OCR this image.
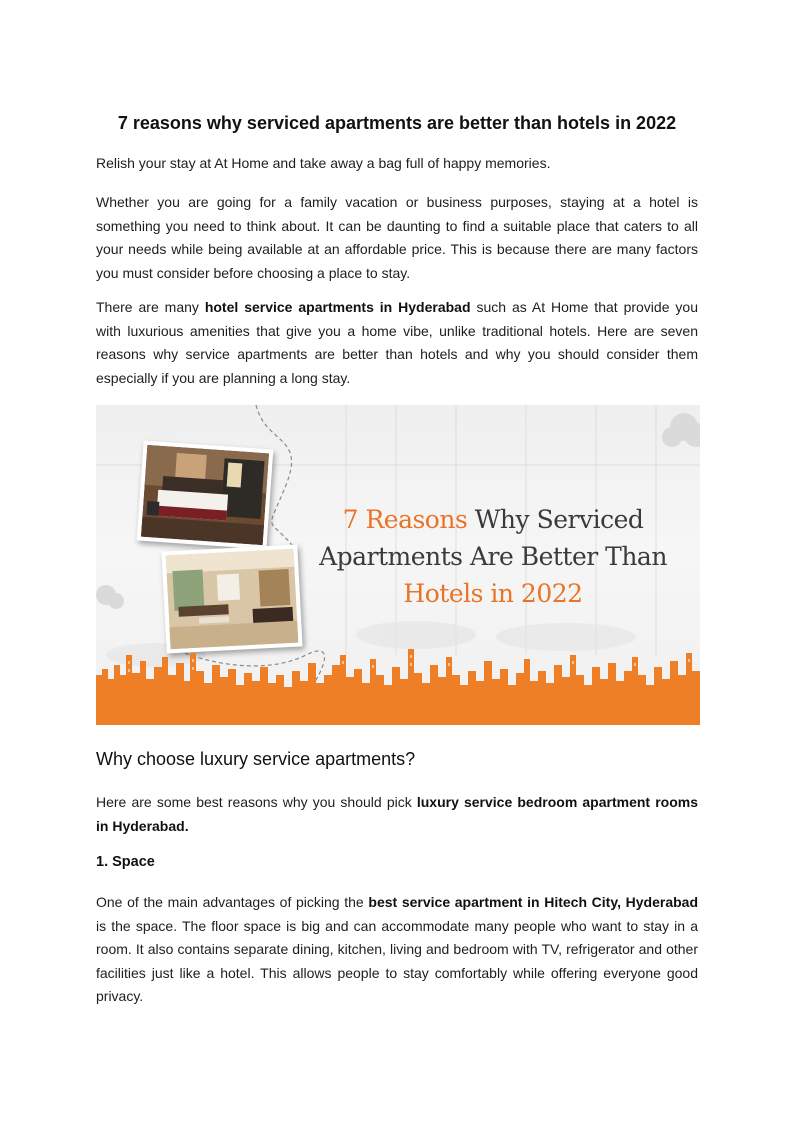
7 reasons why serviced apartments are better than hotels in 2022

Relish your stay at At Home and take away a bag full of happy memories.

Whether you are going for a family vacation or business purposes, staying at a hotel is something you need to think about. It can be daunting to find a suitable place that caters to all your needs while being available at an affordable price. This is because there are many factors you must consider before choosing a place to stay.

There are many hotel service apartments in Hyderabad such as At Home that provide you with luxurious amenities that give you a home vibe, unlike traditional hotels. Here are seven reasons why service apartments are better than hotels and why you should consider them especially if you are planning a long stay.

7 Reasons Why Serviced
Apartments Are Better Than
Hotels in 2022
Why choose luxury service apartments?

Here are some best reasons why you should pick luxury service bedroom apartment rooms in Hyderabad.

1. Space

One of the main advantages of picking the best service apartment in Hitech City, Hyderabad is the space. The floor space is big and can accommodate many people who want to stay in a room. It also contains separate dining, kitchen, living and bedroom with TV, refrigerator and other facilities just like a hotel. This allows people to stay comfortably while offering everyone good privacy.
